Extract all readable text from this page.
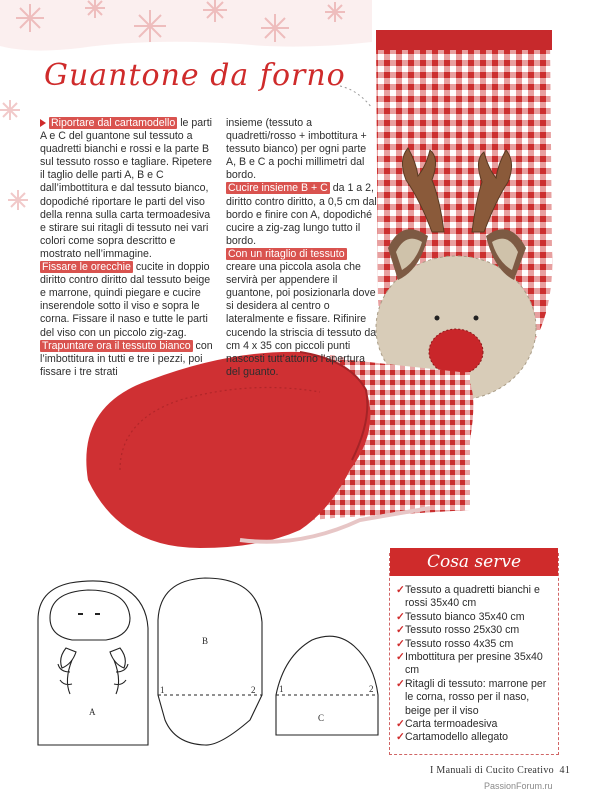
Guantone da forno
Riportare dal cartamodello le parti A e C del guantone sul tessuto a quadretti bianchi e rossi e la parte B sul tessuto rosso e tagliare. Ripetere il taglio delle parti A, B e C dall’imbottitura e dal tessuto bianco, dopodiché riportare le parti del viso della renna sulla carta termoadesiva e stirare sui ritagli di tessuto nei vari colori come sopra descritto e mostrato nell’immagine.
Fissare le orecchie cucite in doppio diritto contro diritto dal tessuto beige e marrone, quindi piegare e cucire inserendole sotto il viso e sopra le corna. Fissare il naso e tutte le parti del viso con un piccolo zig-zag.
Trapuntare ora il tessuto bianco con l’imbottitura in tutti e tre i pezzi, poi fissare i tre strati
insieme (tessuto a quadretti/rosso + imbottitura + tessuto bianco) per ogni parte A, B e C a pochi millimetri dal bordo.
Cucire insieme B + C da 1 a 2, diritto contro diritto, a 0,5 cm dal bordo e finire con A, dopodiché cucire a zig-zag lungo tutto il bordo.
Con un ritaglio di tessuto creare una piccola asola che servirà per appendere il guantone, poi posizionarla dove si desidera al centro o lateralmente e fissare. Rifinire cucendo la striscia di tessuto da cm 4 x 35 con piccoli punti nascosti tutt’attorno l’apertura del guanto.
A
B
1	2
C
1	2
Cosa serve
✓ Tessuto a quadretti bianchi e rossi 35x40 cm
✓ Tessuto bianco 35x40 cm
✓ Tessuto rosso 25x30 cm
✓ Tessuto rosso 4x35 cm
✓ Imbottitura per presine 35x40 cm
✓ Ritagli di tessuto: marrone per le corna, rosso per il naso, beige per il viso
✓ Carta termoadesiva
✓ Cartamodello allegato
I Manuali di Cucito Creativo 41
PassionForum.ru
